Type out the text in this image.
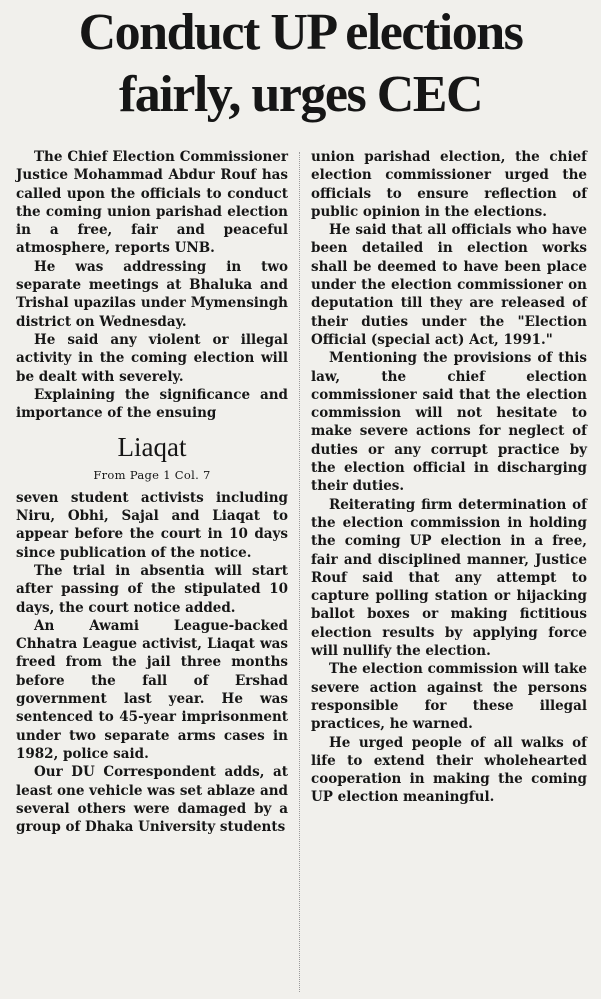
Conduct UP elections
fairly, urges CEC

The Chief Election Commissioner Justice Mohammad Abdur Rouf has called upon the officials to conduct the coming union parishad election in a free, fair and peaceful atmosphere, reports UNB.

He was addressing in two separate meetings at Bhaluka and Trishal upazilas under Mymensingh district on Wednesday.

He said any violent or illegal activity in the coming election will be dealt with severely.

Explaining the significance and importance of the ensuing

Liaqat
From Page 1 Col. 7

seven student activists including Niru, Obhi, Sajal and Liaqat to appear before the court in 10 days since publication of the notice.

The trial in absentia will start after passing of the stipulated 10 days, the court notice added.

An Awami League-backed Chhatra League activist, Liaqat was freed from the jail three months before the fall of Ershad government last year. He was sentenced to 45-year imprisonment under two separate arms cases in 1982, police said.

Our DU Correspondent adds, at least one vehicle was set ablaze and several others were damaged by a group of Dhaka University students

union parishad election, the chief election commissioner urged the officials to ensure reflection of public opinion in the elections.

He said that all officials who have been detailed in election works shall be deemed to have been place under the election commissioner on deputation till they are released of their duties under the "Election Official (special act) Act, 1991."

Mentioning the provisions of this law, the chief election commissioner said that the election commission will not hesitate to make severe actions for neglect of duties or any corrupt practice by the election official in discharging their duties.

Reiterating firm determination of the election commission in holding the coming UP election in a free, fair and disciplined manner, Justice Rouf said that any attempt to capture polling station or hijacking ballot boxes or making fictitious election results by applying force will nullify the election.

The election commission will take severe action against the persons responsible for these illegal practices, he warned.

He urged people of all walks of life to extend their wholehearted cooperation in making the coming UP election meaningful.
